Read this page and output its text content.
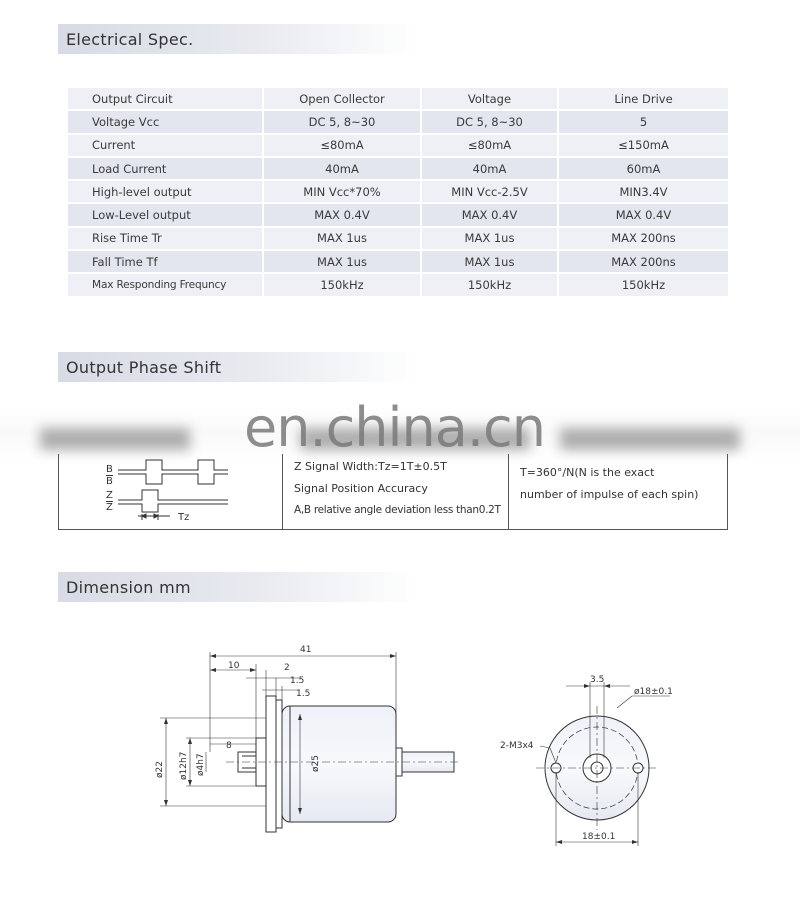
Electrical Spec.
Output Circuit	Open Collector	Voltage	Line Drive
Voltage Vcc	DC 5, 8~30	DC 5, 8~30	5
Current	≤80mA	≤80mA	≤150mA
Load Current	40mA	40mA	60mA
High-level output	MIN Vcc*70%	MIN Vcc-2.5V	MIN3.4V
Low-Level output	MAX 0.4V	MAX 0.4V	MAX 0.4V
Rise Time Tr	MAX 1us	MAX 1us	MAX 200ns
Fall Time Tf	MAX 1us	MAX 1us	MAX 200ns
Max Responding Frequncy	150kHz	150kHz	150kHz
Output Phase Shift
B
B
Z
Z
Tz
Z Signal Width:Tz=1T±0.5T
Signal Position Accuracy
A,B relative angle deviation less than0.2T
T=360°/N(N is the exact
number of impulse of each spin)
en.china.cn
Dimension mm
41
10	2
1.5
1.5
8
ø22 ø12h7 ø4h7	ø25
3.5
ø18±0.1
2-M3x4
18±0.1
